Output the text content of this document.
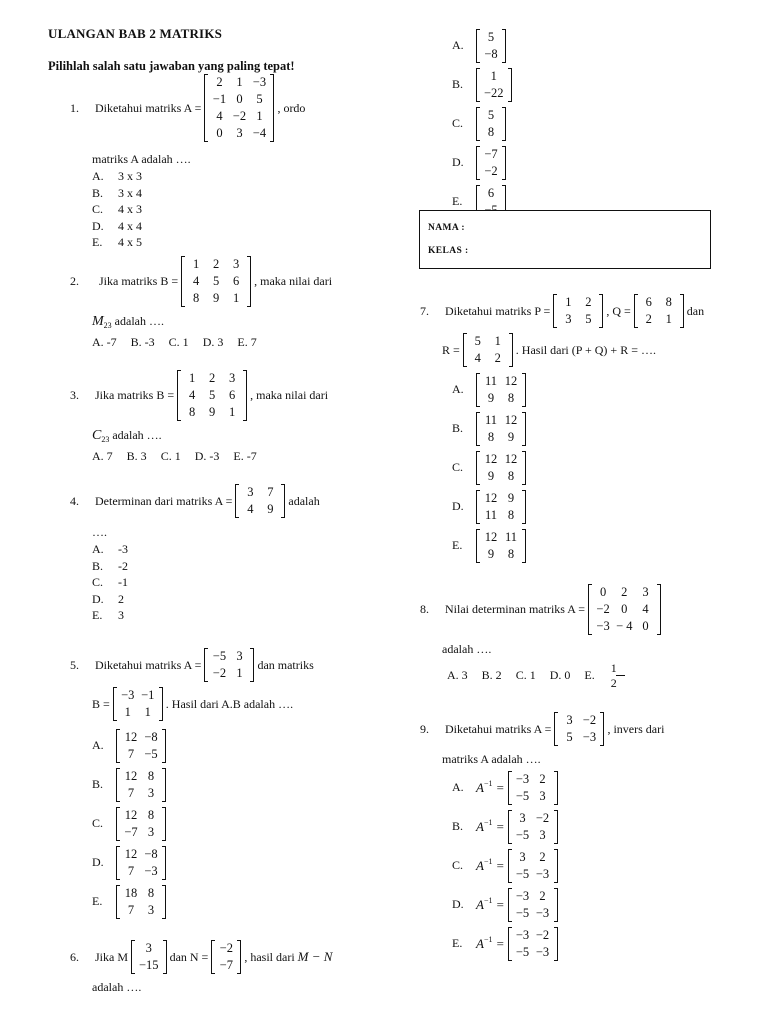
ULANGAN BAB 2 MATRIKS
Pilihlah salah satu jawaban yang paling tepat!
1.	Diketahui matriks A =
2	1	−3
−1	0	5
4	−2	1
0	3	−4
, ordo
matriks A adalah ….
A.	3 x 3
B.	3 x 4
C.	4 x 3
D.	4 x 4
E.	4 x 5
2.	Jika matriks B =
1	2	3
4	5	6
8	9	1
, maka nilai dari
$M_{23}$ adalah ….
A. -7 B. -3 C. 1 D. 3 E. 7
3.	Jika matriks B =
1	2	3
4	5	6
8	9	1
, maka nilai dari
$C_{23}$ adalah ….
A. 7 B. 3 C. 1 D. -3 E. -7
4.	Determinan dari matriks A =
3	7
4	9
adalah
….
A.	-3
B.	-2
C.	-1
D.	2
E.	3
5.	Diketahui matriks A =
−5	3
−2	1
dan matriks
B =
−3	−1
1	1
. Hasil dari A.B adalah ….
A.
12	−8
7	−5
B.
12	8
7	3
C.
12	8
−7	3
D.
12	−8
7	−3
E.
18	8
7	3
6.	Jika M
3
−15
dan N =
−2
−7
, hasil dari M − N
adalah ….
A.
5
−8
B.
1
−22
C.
5
8
D.
−7
−2
E.
6

NAMA :
KELAS :
7.	Diketahui matriks P =
1	2
3	5
, Q =
6	8
2	1
dan
R =
5	1
4	2
. Hasil dari (P + Q) + R = ….
A.
11	12
9	8
B.
11	12
8	9
C.
12	12
9	8
D.
12	9
11	8
E.
12	11
9	8
8.	Nilai determinan matriks A =
0	2	3
−2	0	4
−3	− 4	0
adalah ….
A. 3 B. 2 C. 1 D. 0 E.	$\frac{1}{2}$
9.	Diketahui matriks A =
3	−2
5	−3
, invers dari
matriks A adalah ….
A. $A^{-1}$ =
−3	2
−5	3
B. $A^{-1}$ =
3	−2
−5	3
C. $A^{-1}$ =
3	2
−5	−3
D. $A^{-1}$ =
−3	2
−5	−3
E.	$A^{-1}$ =
−3	−2
−5	−3
